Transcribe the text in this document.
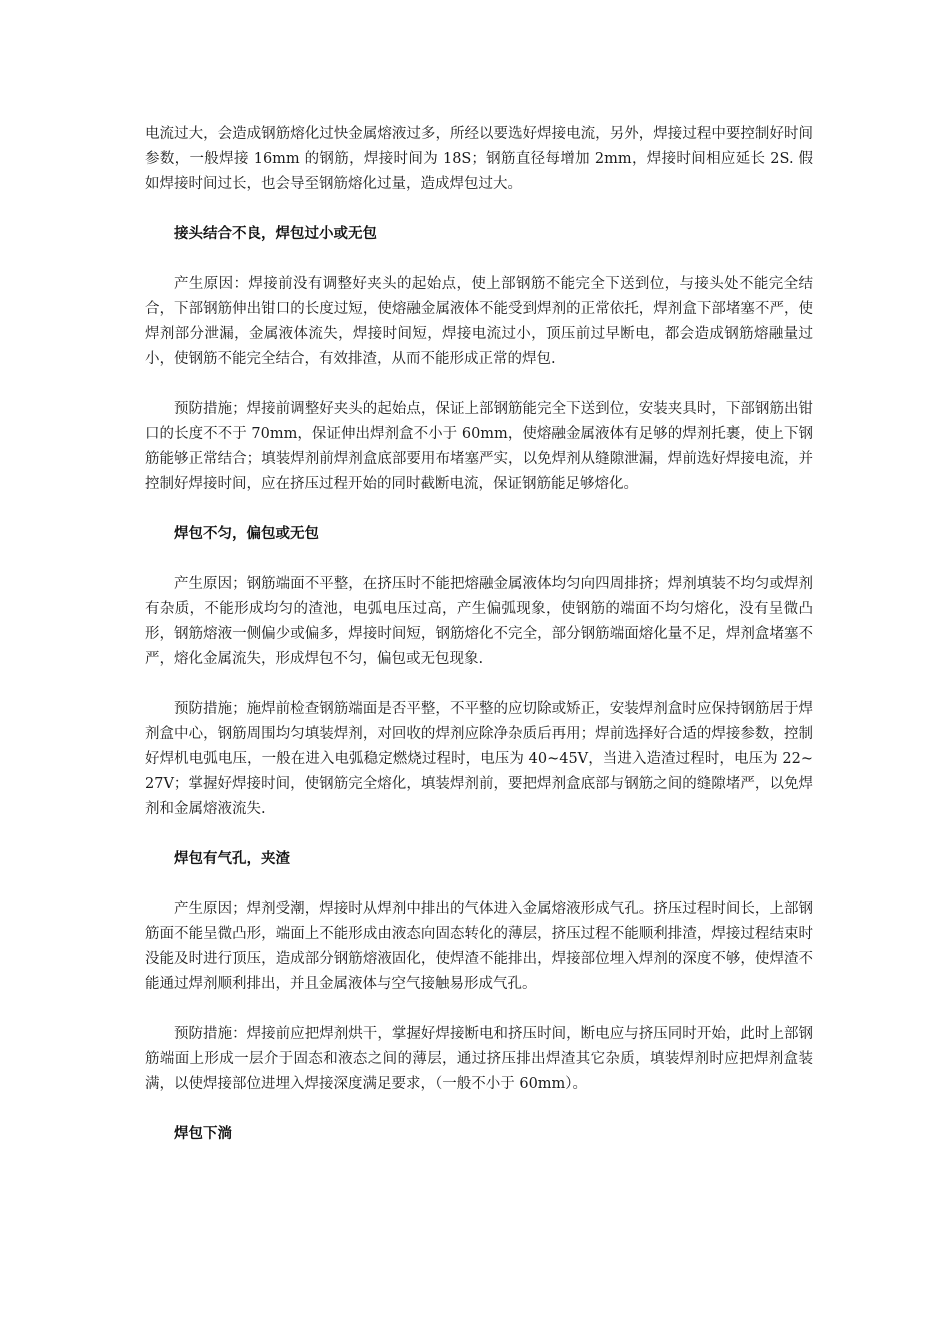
电流过大，会造成钢筋熔化过快金属熔液过多，所经以要选好焊接电流，另外，焊接过程中要控制好时间参数，一般焊接 16mm 的钢筋，焊接时间为 18S；钢筋直径每增加 2mm，焊接时间相应延长 2S. 假如焊接时间过长，也会导至钢筋熔化过量，造成焊包过大。

接头结合不良，焊包过小或无包

产生原因：焊接前没有调整好夹头的起始点，使上部钢筋不能完全下送到位，与接头处不能完全结合，下部钢筋伸出钳口的长度过短，使熔融金属液体不能受到焊剂的正常依托，焊剂盒下部堵塞不严，使焊剂部分泄漏，金属液体流失，焊接时间短，焊接电流过小，顶压前过早断电，都会造成钢筋熔融量过小，使钢筋不能完全结合，有效排渣，从而不能形成正常的焊包.

预防措施；焊接前调整好夹头的起始点，保证上部钢筋能完全下送到位，安装夹具时，下部钢筋出钳口的长度不不于 70mm，保证伸出焊剂盒不小于 60mm，使熔融金属液体有足够的焊剂托裹，使上下钢筋能够正常结合；填装焊剂前焊剂盒底部要用布堵塞严实，以免焊剂从缝隙泄漏，焊前选好焊接电流，并控制好焊接时间，应在挤压过程开始的同时截断电流，保证钢筋能足够熔化。

焊包不匀，偏包或无包

产生原因；钢筋端面不平整，在挤压时不能把熔融金属液体均匀向四周排挤；焊剂填装不均匀或焊剂有杂质，不能形成均匀的渣池，电弧电压过高，产生偏弧现象，使钢筋的端面不均匀熔化，没有呈微凸形，钢筋熔液一侧偏少或偏多，焊接时间短，钢筋熔化不完全，部分钢筋端面熔化量不足，焊剂盒堵塞不严，熔化金属流失，形成焊包不匀，偏包或无包现象.

预防措施；施焊前检查钢筋端面是否平整，不平整的应切除或矫正，安装焊剂盒时应保持钢筋居于焊剂盒中心，钢筋周围均匀填装焊剂，对回收的焊剂应除净杂质后再用；焊前选择好合适的焊接参数，控制好焊机电弧电压，一般在进入电弧稳定燃烧过程时，电压为 40~45V，当进入造渣过程时，电压为 22~27V；掌握好焊接时间，使钢筋完全熔化，填装焊剂前，要把焊剂盒底部与钢筋之间的缝隙堵严，以免焊剂和金属熔液流失.

焊包有气孔，夹渣

产生原因；焊剂受潮，焊接时从焊剂中排出的气体进入金属熔液形成气孔。挤压过程时间长，上部钢筋面不能呈微凸形，端面上不能形成由液态向固态转化的薄层，挤压过程不能顺利排渣，焊接过程结束时没能及时进行顶压，造成部分钢筋熔液固化，使焊渣不能排出，焊接部位埋入焊剂的深度不够，使焊渣不能通过焊剂顺利排出，并且金属液体与空气接触易形成气孔。

预防措施：焊接前应把焊剂烘干，掌握好焊接断电和挤压时间，断电应与挤压同时开始，此时上部钢筋端面上形成一层介于固态和液态之间的薄层，通过挤压排出焊渣其它杂质，填装焊剂时应把焊剂盒装满，以使焊接部位进埋入焊接深度满足要求，（一般不小于 60mm）。

焊包下淌
